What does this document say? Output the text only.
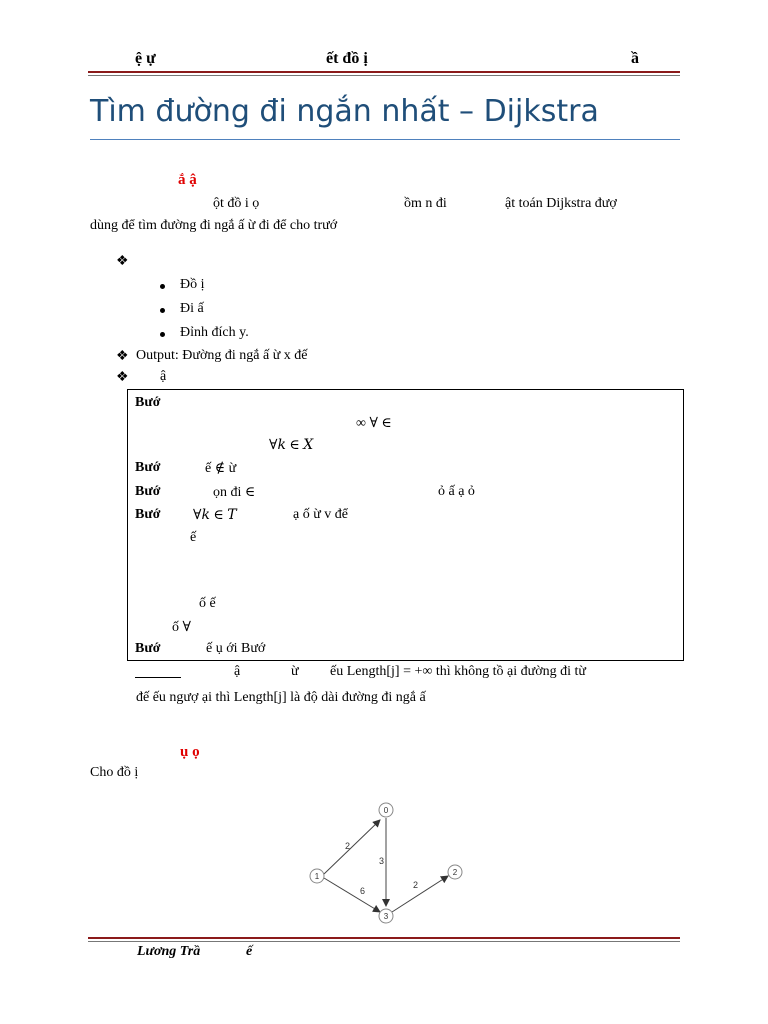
ệ ự	ết đồ ị	ầ
Tìm đường đi ngắn nhất – Dijkstra
ắ ậ
ột đồ i ọ	ồm n đi	ật toán Dijkstra đượ
dùng để tìm đường đi ngắ ấ ừ đi để cho trướ
❖
Đồ ị
Đi ấ
Đỉnh đích y.
❖ Output: Đường đi ngắ ấ ừ x đế
❖ ậ
Bướ
∞ ∀ ∈
∀𝑘 ∈ 𝑋
Bướ	ế ∉ ừ
Bướ	ọn đi ∈	ỏ ấ ạ ỏ
Bướ ∀𝑘 ∈ 𝑇	ạ ố ừ v để
ế
ố ế
ố ∀
Bướ	ế ụ ới Bướ
ậ	ừ ếu Length[j] = +∞ thì không tồ ại đường đi từ
đế ếu ngượ ại thì Length[j] là độ dài đường đi ngắ ấ
ụ ọ
Cho đồ ị
2
3
6
2
0
1	2
3
Lương Trầ	ế
